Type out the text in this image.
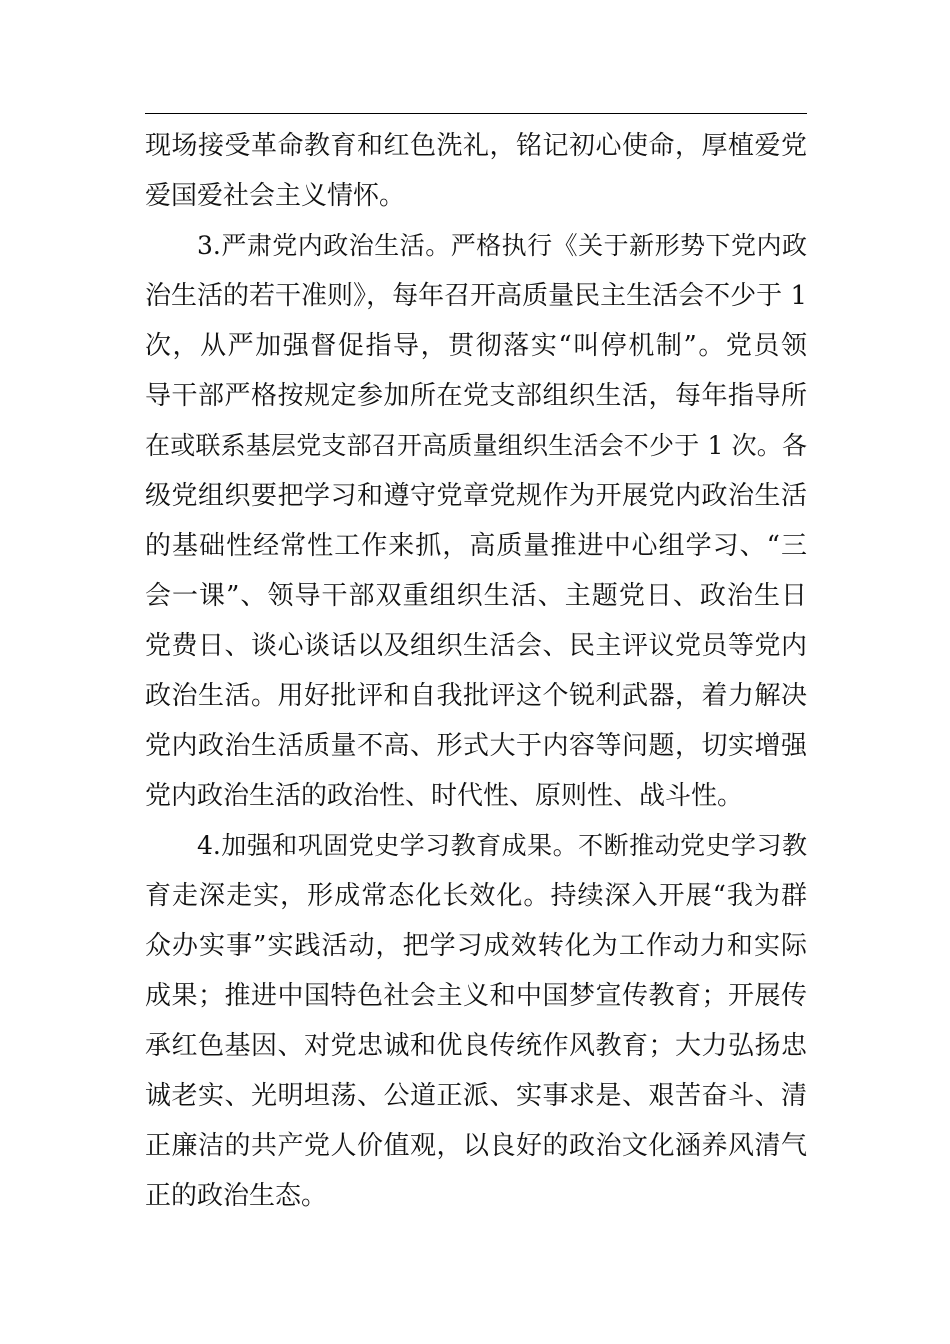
现场接受革命教育和红色洗礼，铭记初心使命，厚植爱党
爱国爱社会主义情怀。
3.严肃党内政治生活。严格执行《关于新形势下党内政
治生活的若干准则》，每年召开高质量民主生活会不少于 1
次，从严加强督促指导，贯彻落实“叫停机制”。党员领
导干部严格按规定参加所在党支部组织生活，每年指导所
在或联系基层党支部召开高质量组织生活会不少于 1 次。各
级党组织要把学习和遵守党章党规作为开展党内政治生活
的基础性经常性工作来抓，高质量推进中心组学习、“三
会一课”、领导干部双重组织生活、主题党日、政治生日
党费日、谈心谈话以及组织生活会、民主评议党员等党内
政治生活。用好批评和自我批评这个锐利武器，着力解决
党内政治生活质量不高、形式大于内容等问题，切实增强
党内政治生活的政治性、时代性、原则性、战斗性。
4.加强和巩固党史学习教育成果。不断推动党史学习教
育走深走实，形成常态化长效化。持续深入开展“我为群
众办实事”实践活动，把学习成效转化为工作动力和实际
成果；推进中国特色社会主义和中国梦宣传教育；开展传
承红色基因、对党忠诚和优良传统作风教育；大力弘扬忠
诚老实、光明坦荡、公道正派、实事求是、艰苦奋斗、清
正廉洁的共产党人价值观，以良好的政治文化涵养风清气
正的政治生态。
